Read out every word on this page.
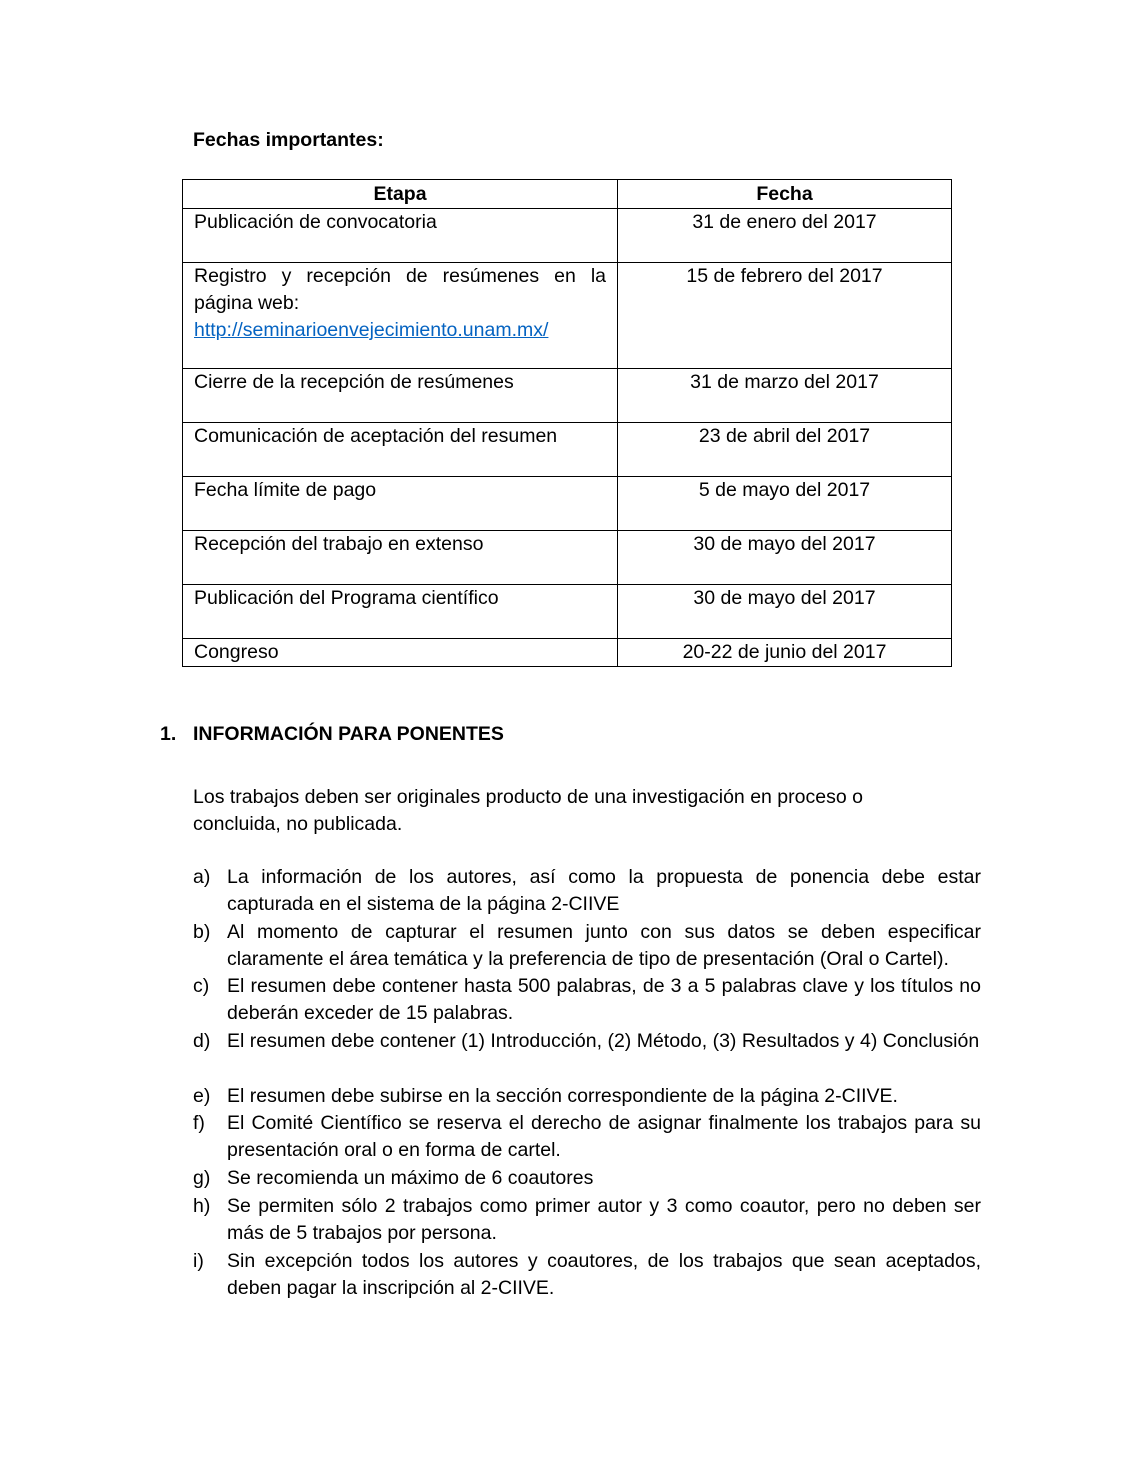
Fechas importantes:
Etapa	Fecha
Publicación de convocatoria	31 de enero del 2017
Registro y recepción de resúmenes en la página web:
http://seminarioenvejecimiento.unam.mx/	15 de febrero del 2017
Cierre de la recepción de resúmenes	31 de marzo del 2017
Comunicación de aceptación del resumen	23 de abril del 2017
Fecha límite de pago	5 de mayo del 2017
Recepción del trabajo en extenso	30 de mayo del 2017
Publicación del Programa científico	30 de mayo del 2017
Congreso	20-22 de junio del 2017
1. INFORMACIÓN PARA PONENTES
Los trabajos deben ser originales producto de una investigación en proceso o concluida, no publicada.
a) La información de los autores, así como la propuesta de ponencia debe estar capturada en el sistema de la página 2-CIIVE
b) Al momento de capturar el resumen junto con sus datos se deben especificar claramente el área temática y la preferencia de tipo de presentación (Oral o Cartel).
c) El resumen debe contener hasta 500 palabras, de 3 a 5 palabras clave y los títulos no deberán exceder de 15 palabras.
d) El resumen debe contener (1) Introducción, (2) Método, (3) Resultados y 4) Conclusión
e) El resumen debe subirse en la sección correspondiente de la página 2-CIIVE.
f)	El Comité Científico se reserva el derecho de asignar finalmente los trabajos para su presentación oral o en forma de cartel.
g) Se recomienda un máximo de 6 coautores
h) Se permiten sólo 2 trabajos como primer autor y 3 como coautor, pero no deben ser más de 5 trabajos por persona.
i)	Sin excepción todos los autores y coautores, de los trabajos que sean aceptados, deben pagar la inscripción al 2-CIIVE.
